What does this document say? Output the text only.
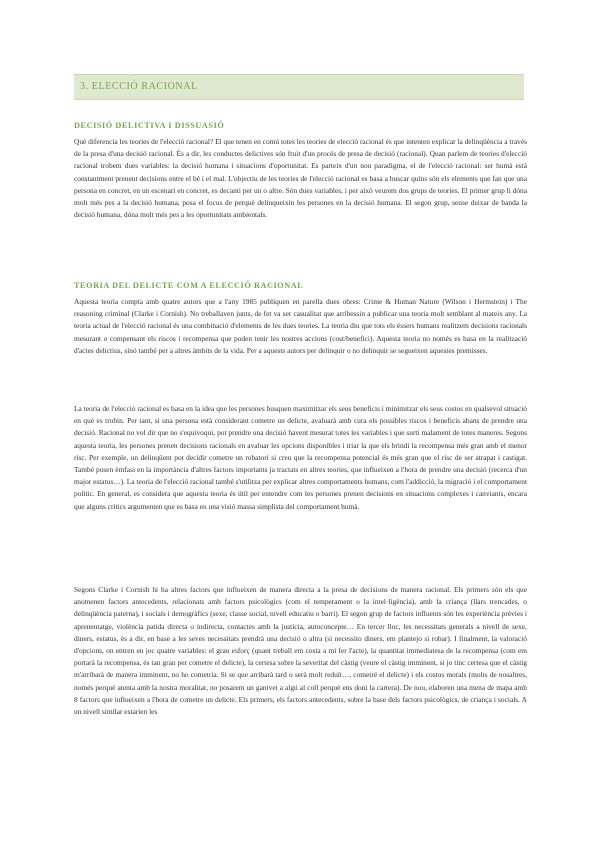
3. ELECCIÓ RACIONAL
DECISIÓ DELICTIVA I DISSUASIÓ

Què diferencia les teories de l'elecció racional? El que tenen en comú totes les teories de elecció racional és que intenten explicar la delinqüència a través de la presa d'una decisió racional. És a dir, les conductes delictives són fruit d'un procés de presa de decisió (racional). Quan parlem de teories d'elecció racional trobem dues variables: la decisió humana i situacions d'oportunitat. Es parteix d'un nou paradigma, el de l'elecció racional: ser humà està constantment prenent decisions entre el bé i el mal. L'objectiu de les teories de l'elecció racional es basa a buscar quins són els elements que fan que una persona en concret, en un escenari en concret, es decanti per un o altre. Són dues variables, i per això veurem dos grups de teories. El primer grup li dóna molt més pes a la decisió humana, posa el focus de perquè delinqueixin les persones en la decisió humana. El segon grup, sense deixar de banda la decisió humana, dóna molt més pes a les oportunitats ambientals.

TEORIA DEL DELICTE COM A ELECCIÓ RACIONAL

Aquesta teoria compta amb quatre autors que a l'any 1985 publiquen en parella dues obres: Crime & Human Nature (Wilson i Hermstein) i The reasoning criminal (Clarke i Cornish). No treballaven junts, de fet va ser casualitat que arribessin a publicar una teoria molt semblant al mateix any. La teoria actual de l'elecció racional és una combinació d'elements de les dues teories. La teoria diu que tots els éssers humans realitzem decisions racionals mesurant o compensant els riscos i recompensa que poden tenir les nostres accions (cost/benefici). Aquesta teoria no només es basa en la realització d'actes delictius, sinó també per a altres àmbits de la vida. Per a aquests autors per delinquir o no delinquir se segueixen aquestes premisses.

La teoria de l'elecció racional es basa en la idea que les persones busquen maximitzar els seus beneficis i minimitzar els seus costos en qualsevol situació en què es trobin. Per tant, si una persona està considerant cometre un delicte, avaluarà amb cura els possibles riscos i beneficis abans de prendre una decisió. Racional no vol dir que no s'equivoqui, pot prendre una decisió havent mesurat totes les variables i que surti malament de totes maneres. Segons aquesta teoria, les persones prenen decisions racionals en avaluar les opcions disponibles i triar la que els brindi la recompensa més gran amb el menor risc. Per exemple, un delinqüent pot decidir cometre un robatori si creu que la recompensa potencial és més gran que el risc de ser atrapat i castigat. També posen èmfasi en la importància d'altres factors importants ja tractats en altres teories, que influeixen a l'hora de prendre una decisió (recerca d'un major estatus…). La teoria de l'elecció racional també s'utilitza per explicar altres comportaments humans, com l'addicció, la migració i el comportament polític. En general, es considera que aquesta teoria és útil per entendre com les persones prenen decisions en situacions complexes i canviants, encara que alguns crítics argumenten que es basa en una visió massa simplista del comportament humà.

Segons Clarke i Cornish hi ha altres factors que influeixen de manera directa a la presa de decisions de manera racional. Els primers són els que anomenen factors antecedents, relacionats amb factors psicològics (com el temperament o la intel·ligència), amb la criança (llars trencades, o delinqüència paterna), i socials i demogràfics (sexe, classe social, nivell educatiu o barri). El segon grup de factors influents són les experiència prèvies i aprenentatge, violència patida directa o indirecta, contactes amb la justícia, autoconcepte… En tercer lloc, les necessitats generals a nivell de sexe, diners, estatus, és a dir, en base a les seves necessitats prendrà una decisió o altra (si necessito diners, em plantejo si robar). I finalment, la valoració d'opcions, on entren en joc quatre variables: el grau esforç (quant treball em costa a mi fer l'acte), la quantitat immediatesa de la recompensa (com em portarà la recompensa, és tan gran per cometre el delicte), la certesa sobre la severitat del càstig (veure el càstig imminent, si jo tinc certesa que el càstig m'arribarà de manera imminent, no ho cometria. Si se que arribarà tard o serà molt reduït…, cometré el delicte) i els costos morals (molts de nosaltres, només perquè atenta amb la nostra moralitat, no posarem un ganivet a algú al coll perquè ens doni la cartera). De nou, elaboren una mena de mapa amb 8 factors que influeixen a l'hora de cometre un delicte. Els primers, els factors antecedents, sobre la base dels factors psicològics, de criança i socials. A un nivell similar estarien les
